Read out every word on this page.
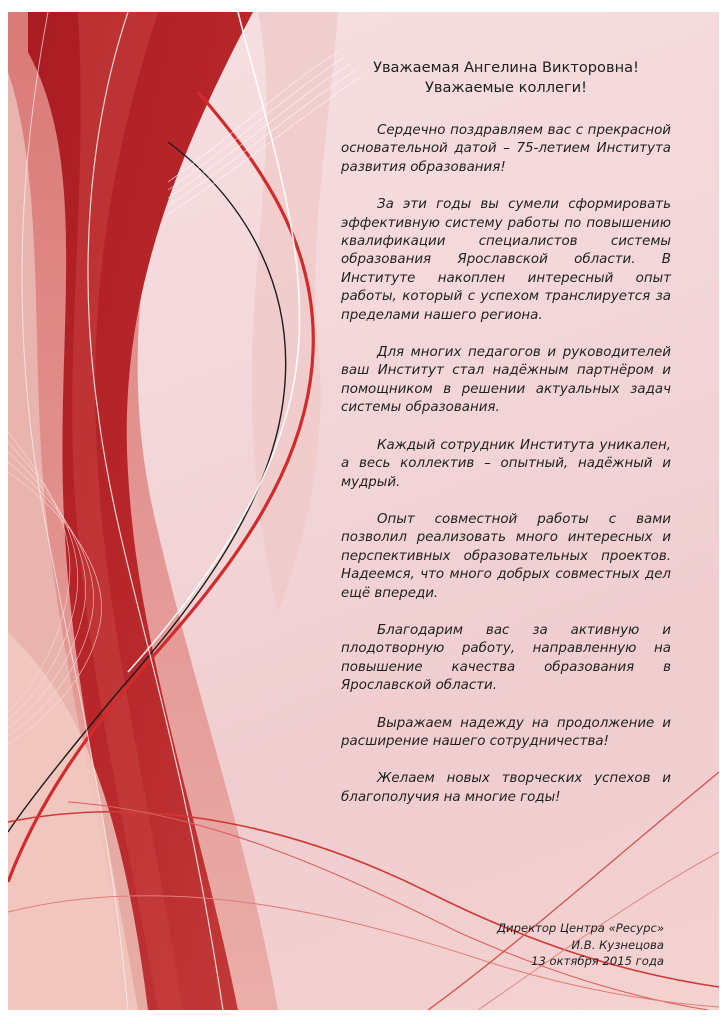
Уважаемая Ангелина Викторовна!
Уважаемые коллеги!

Сердечно поздравляем вас с прекрасной основательной датой – 75-летием Института развития образования!

За эти годы вы сумели сформировать эффективную систему работы по повышению квалификации специалистов системы образования Ярославской области. В Институте накоплен интересный опыт работы, который с успехом транслируется за пределами нашего региона.

Для многих педагогов и руководителей ваш Институт стал надёжным партнёром и помощником в решении актуальных задач системы образования.

Каждый сотрудник Института уникален, а весь коллектив – опытный, надёжный и мудрый.

Опыт совместной работы с вами позволил реализовать много интересных и перспективных образовательных проектов. Надеемся, что много добрых совместных дел ещё впереди.

Благодарим вас за активную и плодотворную работу, направленную на повышение качества образования в Ярославской области.

Выражаем надежду на продолжение и расширение нашего сотрудничества!

Желаем новых творческих успехов и благополучия на многие годы!

Директор Центра «Ресурс»
И.В. Кузнецова
13 октября 2015 года
